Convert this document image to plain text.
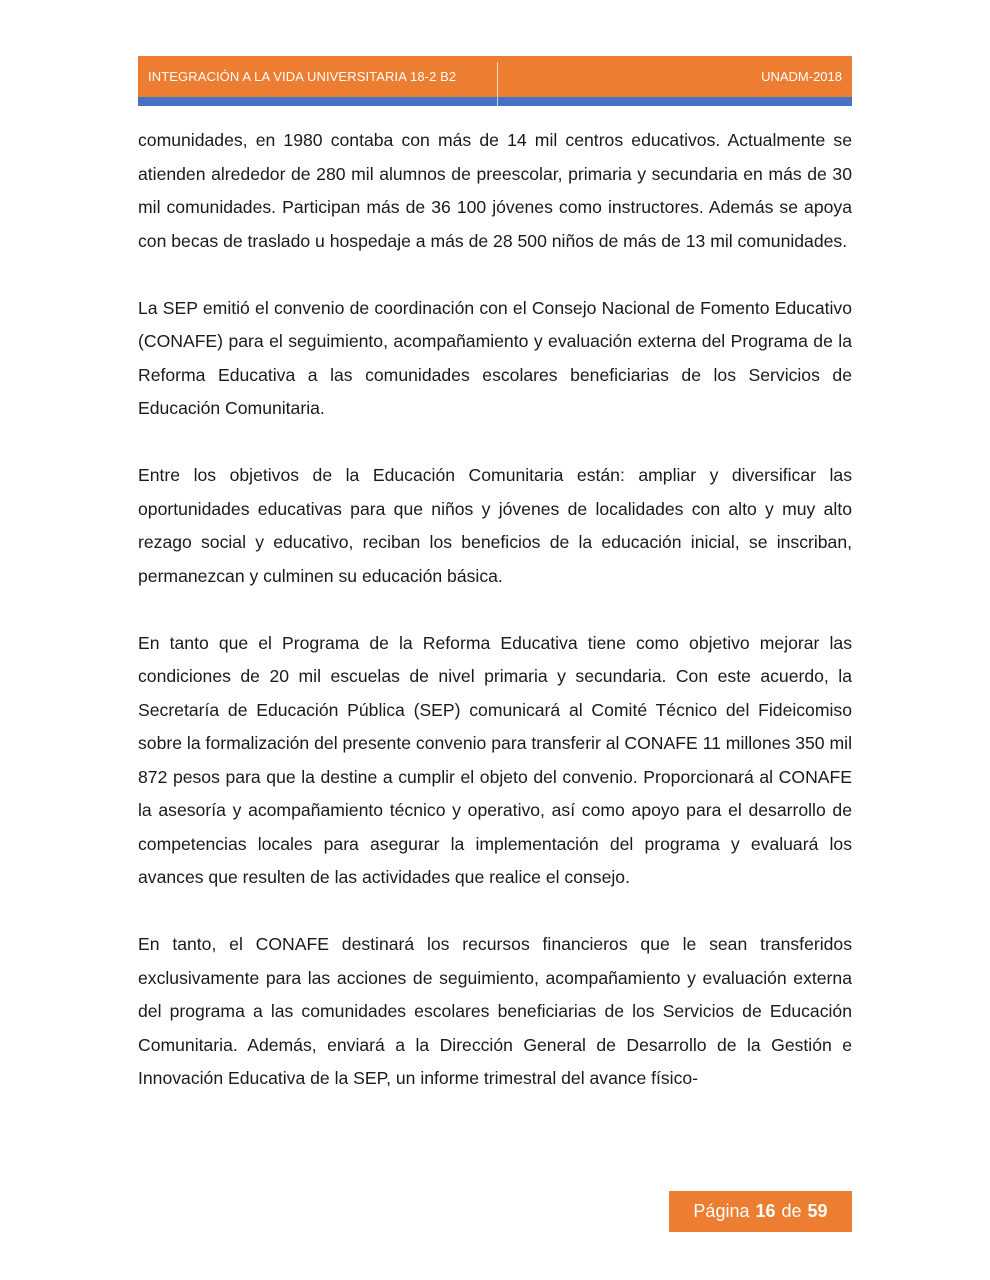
INTEGRACIÓN A LA VIDA UNIVERSITARIA 18-2 B2	UNADM-2018

comunidades, en 1980 contaba con más de 14 mil centros educativos. Actualmente se atienden alrededor de 280 mil alumnos de preescolar, primaria y secundaria en más de 30 mil comunidades. Participan más de 36 100 jóvenes como instructores. Además se apoya con becas de traslado u hospedaje a más de 28 500 niños de más de 13 mil comunidades.

La SEP emitió el convenio de coordinación con el Consejo Nacional de Fomento Educativo (CONAFE) para el seguimiento, acompañamiento y evaluación externa del Programa de la Reforma Educativa a las comunidades escolares beneficiarias de los Servicios de Educación Comunitaria.

Entre los objetivos de la Educación Comunitaria están: ampliar y diversificar las oportunidades educativas para que niños y jóvenes de localidades con alto y muy alto rezago social y educativo, reciban los beneficios de la educación inicial, se inscriban, permanezcan y culminen su educación básica.

En tanto que el Programa de la Reforma Educativa tiene como objetivo mejorar las condiciones de 20 mil escuelas de nivel primaria y secundaria. Con este acuerdo, la Secretaría de Educación Pública (SEP) comunicará al Comité Técnico del Fideicomiso sobre la formalización del presente convenio para transferir al CONAFE 11 millones 350 mil 872 pesos para que la destine a cumplir el objeto del convenio. Proporcionará al CONAFE la asesoría y acompañamiento técnico y operativo, así como apoyo para el desarrollo de competencias locales para asegurar la implementación del programa y evaluará los avances que resulten de las actividades que realice el consejo.

En tanto, el CONAFE destinará los recursos financieros que le sean transferidos exclusivamente para las acciones de seguimiento, acompañamiento y evaluación externa del programa a las comunidades escolares beneficiarias de los Servicios de Educación Comunitaria. Además, enviará a la Dirección General de Desarrollo de la Gestión e Innovación Educativa de la SEP, un informe trimestral del avance físico-

Página 16 de 59
